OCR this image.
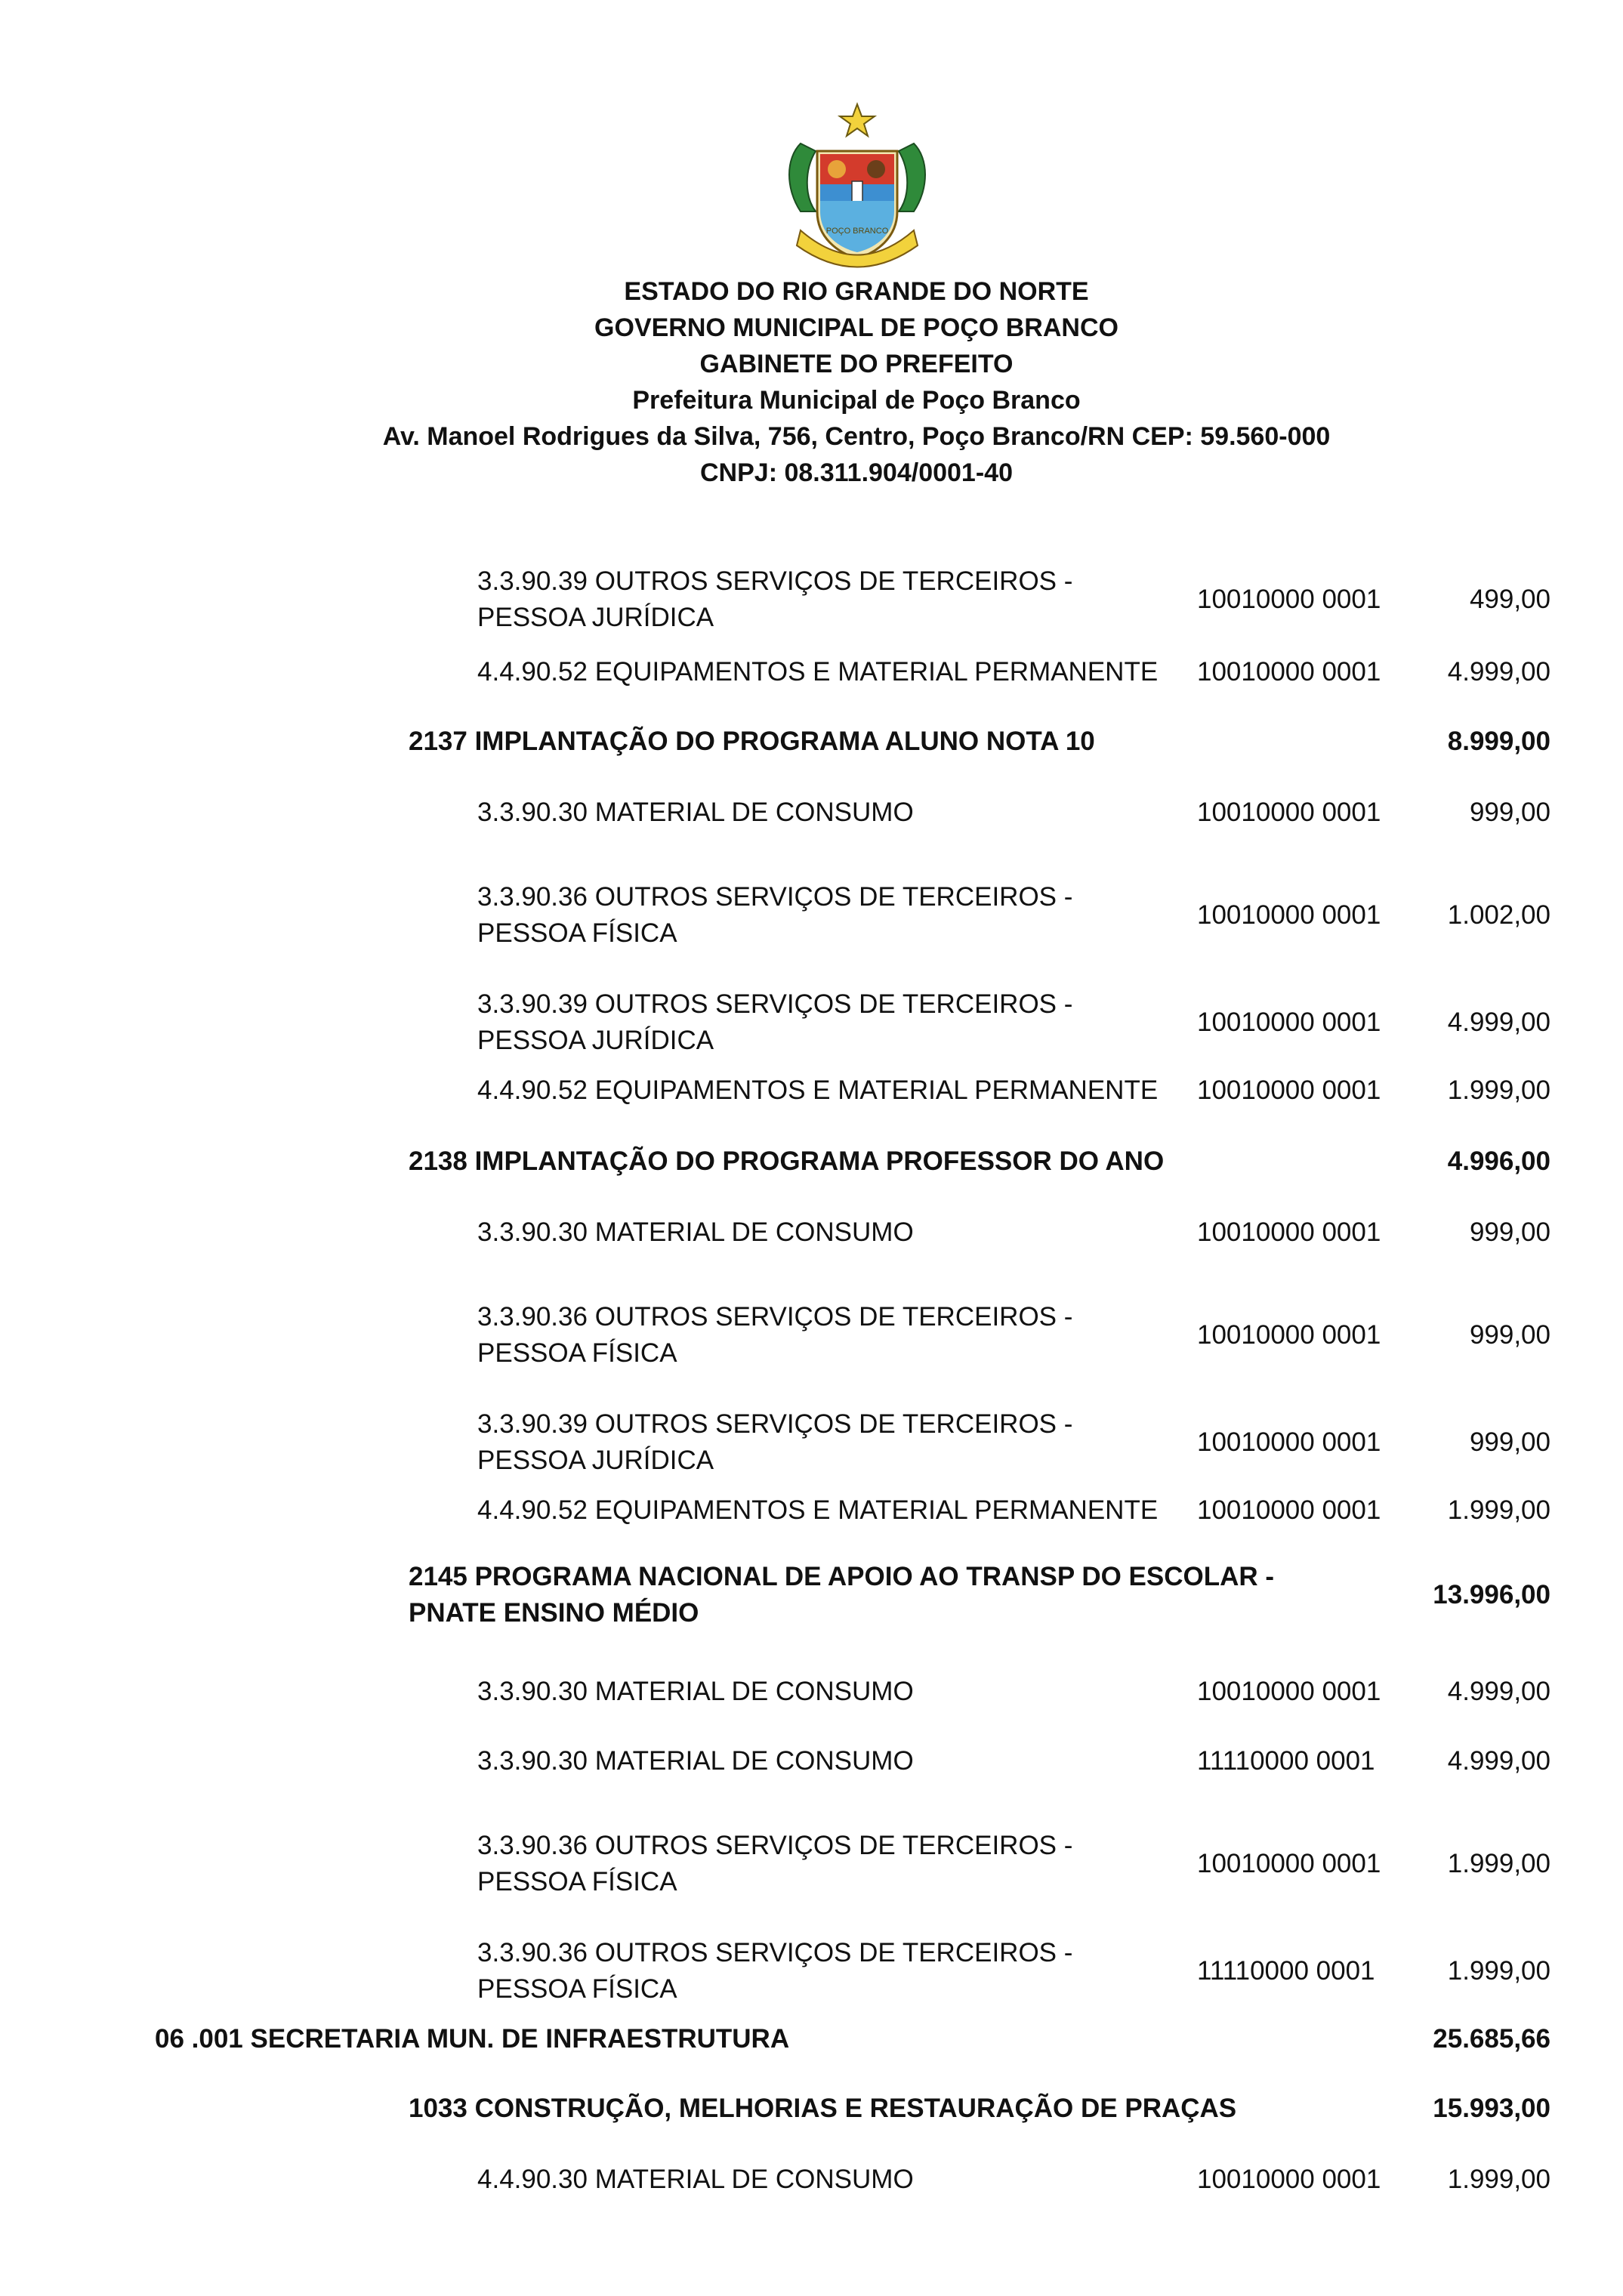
POÇO BRANCO
ESTADO DO RIO GRANDE DO NORTE
GOVERNO MUNICIPAL DE POÇO BRANCO
GABINETE DO PREFEITO
Prefeitura Municipal de Poço Branco
Av. Manoel Rodrigues da Silva, 756, Centro, Poço Branco/RN CEP: 59.560-000
CNPJ: 08.311.904/0001-40
3.3.90.39 OUTROS SERVIÇOS DE TERCEIROS -
PESSOA JURÍDICA
10010000 0001	499,00
4.4.90.52 EQUIPAMENTOS E MATERIAL PERMANENTE	10010000 0001	4.999,00
2137 IMPLANTAÇÃO DO PROGRAMA ALUNO NOTA 10	8.999,00
3.3.90.30 MATERIAL DE CONSUMO	10010000 0001	999,00
3.3.90.36 OUTROS SERVIÇOS DE TERCEIROS -
PESSOA FÍSICA
10010000 0001	1.002,00
3.3.90.39 OUTROS SERVIÇOS DE TERCEIROS -
PESSOA JURÍDICA
10010000 0001	4.999,00
4.4.90.52 EQUIPAMENTOS E MATERIAL PERMANENTE	10010000 0001	1.999,00
2138 IMPLANTAÇÃO DO PROGRAMA PROFESSOR DO ANO	4.996,00
3.3.90.30 MATERIAL DE CONSUMO	10010000 0001	999,00
3.3.90.36 OUTROS SERVIÇOS DE TERCEIROS -
PESSOA FÍSICA
10010000 0001	999,00
3.3.90.39 OUTROS SERVIÇOS DE TERCEIROS -
PESSOA JURÍDICA
10010000 0001	999,00
4.4.90.52 EQUIPAMENTOS E MATERIAL PERMANENTE	10010000 0001	1.999,00
2145 PROGRAMA NACIONAL DE APOIO AO TRANSP DO ESCOLAR -
PNATE ENSINO MÉDIO
13.996,00
3.3.90.30 MATERIAL DE CONSUMO	10010000 0001	4.999,00
3.3.90.30 MATERIAL DE CONSUMO	11110000 0001	4.999,00
3.3.90.36 OUTROS SERVIÇOS DE TERCEIROS -
PESSOA FÍSICA
10010000 0001	1.999,00
3.3.90.36 OUTROS SERVIÇOS DE TERCEIROS -
PESSOA FÍSICA
11110000 0001	1.999,00
06 .001 SECRETARIA MUN. DE INFRAESTRUTURA	25.685,66
1033 CONSTRUÇÃO, MELHORIAS E RESTAURAÇÃO DE PRAÇAS	15.993,00
4.4.90.30 MATERIAL DE CONSUMO	10010000 0001	1.999,00
